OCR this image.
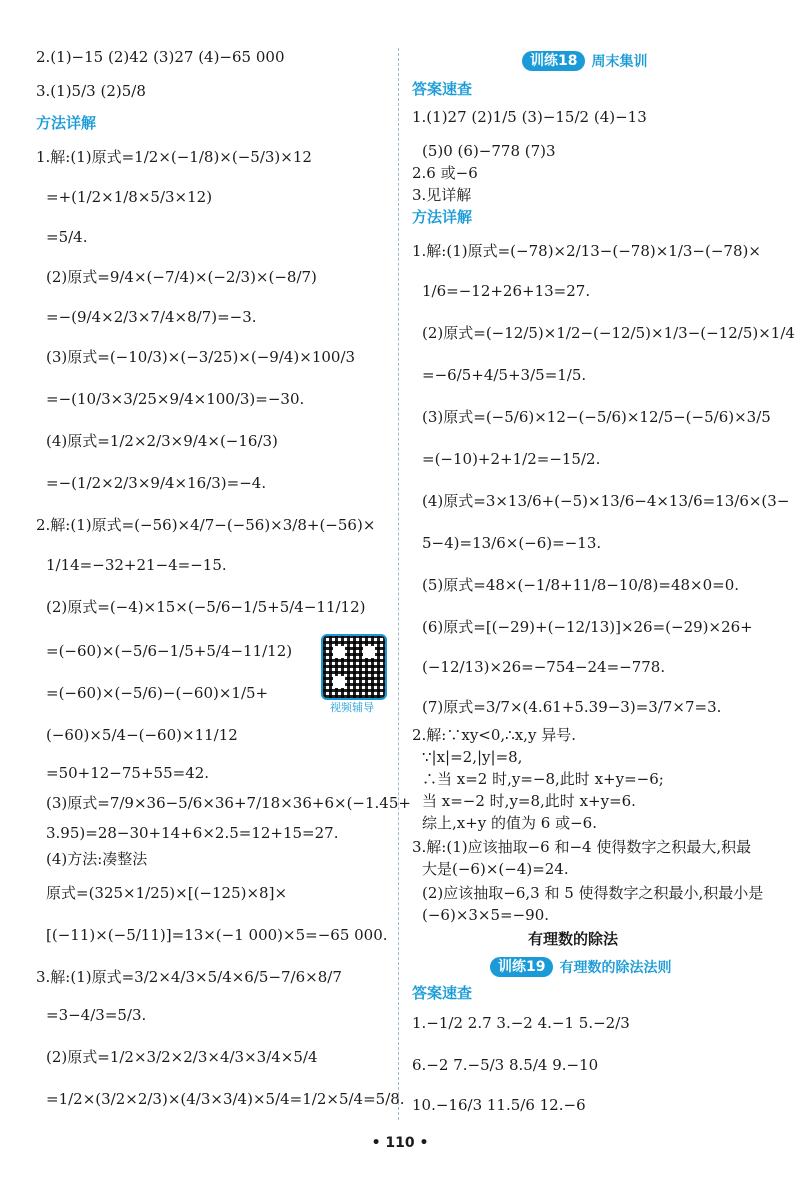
2.(1)−15 (2)42 (3)27 (4)−65 000
3.(1)5/3 (2)5/8
方法详解
1.解:(1)原式=1/2×(−1/8)×(−5/3)×12
=+(1/2×1/8×5/3×12)
=5/4.
(2)原式=9/4×(−7/4)×(−2/3)×(−8/7)
=−(9/4×2/3×7/4×8/7)=−3.
(3)原式=(−10/3)×(−3/25)×(−9/4)×100/3
=−(10/3×3/25×9/4×100/3)=−30.
(4)原式=1/2×2/3×9/4×(−16/3)
=−(1/2×2/3×9/4×16/3)=−4.
2.解:(1)原式=(−56)×4/7−(−56)×3/8+(−56)×
1/14=−32+21−4=−15.
(2)原式=(−4)×15×(−5/6−1/5+5/4−11/12)
=(−60)×(−5/6−1/5+5/4−11/12)
=(−60)×(−5/6)−(−60)×1/5+
(−60)×5/4−(−60)×11/12
=50+12−75+55=42.
(3)原式=7/9×36−5/6×36+7/18×36+6×(−1.45+
3.95)=28−30+14+6×2.5=12+15=27.
(4)方法:凑整法
原式=(325×1/25)×[(−125)×8]×
[(−11)×(−5/11)]=13×(−1 000)×5=−65 000.
3.解:(1)原式=3/2×4/3×5/4×6/5−7/6×8/7
=3−4/3=5/3.
(2)原式=1/2×3/2×2/3×4/3×3/4×5/4
=1/2×(3/2×2/3)×(4/3×3/4)×5/4=1/2×5/4=5/8.
视频辅导
训练18	周末集训
答案速查
1.(1)27 (2)1/5 (3)−15/2 (4)−13
(5)0 (6)−778 (7)3
2.6 或−6
3.见详解
方法详解
1.解:(1)原式=(−78)×2/13−(−78)×1/3−(−78)×
1/6=−12+26+13=27.
(2)原式=(−12/5)×1/2−(−12/5)×1/3−(−12/5)×1/4
=−6/5+4/5+3/5=1/5.
(3)原式=(−5/6)×12−(−5/6)×12/5−(−5/6)×3/5
=(−10)+2+1/2=−15/2.
(4)原式=3×13/6+(−5)×13/6−4×13/6=13/6×(3−
5−4)=13/6×(−6)=−13.
(5)原式=48×(−1/8+11/8−10/8)=48×0=0.
(6)原式=[(−29)+(−12/13)]×26=(−29)×26+
(−12/13)×26=−754−24=−778.
(7)原式=3/7×(4.61+5.39−3)=3/7×7=3.
2.解:∵xy<0,∴x,y 异号.
∵|x|=2,|y|=8,
∴当 x=2 时,y=−8,此时 x+y=−6;
当 x=−2 时,y=8,此时 x+y=6.
综上,x+y 的值为 6 或−6.
3.解:(1)应该抽取−6 和−4 使得数字之积最大,积最
大是(−6)×(−4)=24.
(2)应该抽取−6,3 和 5 使得数字之积最小,积最小是
(−6)×3×5=−90.
有理数的除法
训练19	有理数的除法法则
答案速查
1.−1/2 2.7 3.−2 4.−1 5.−2/3
6.−2 7.−5/3 8.5/4 9.−10
10.−16/3 11.5/6 12.−6
• 110 •
